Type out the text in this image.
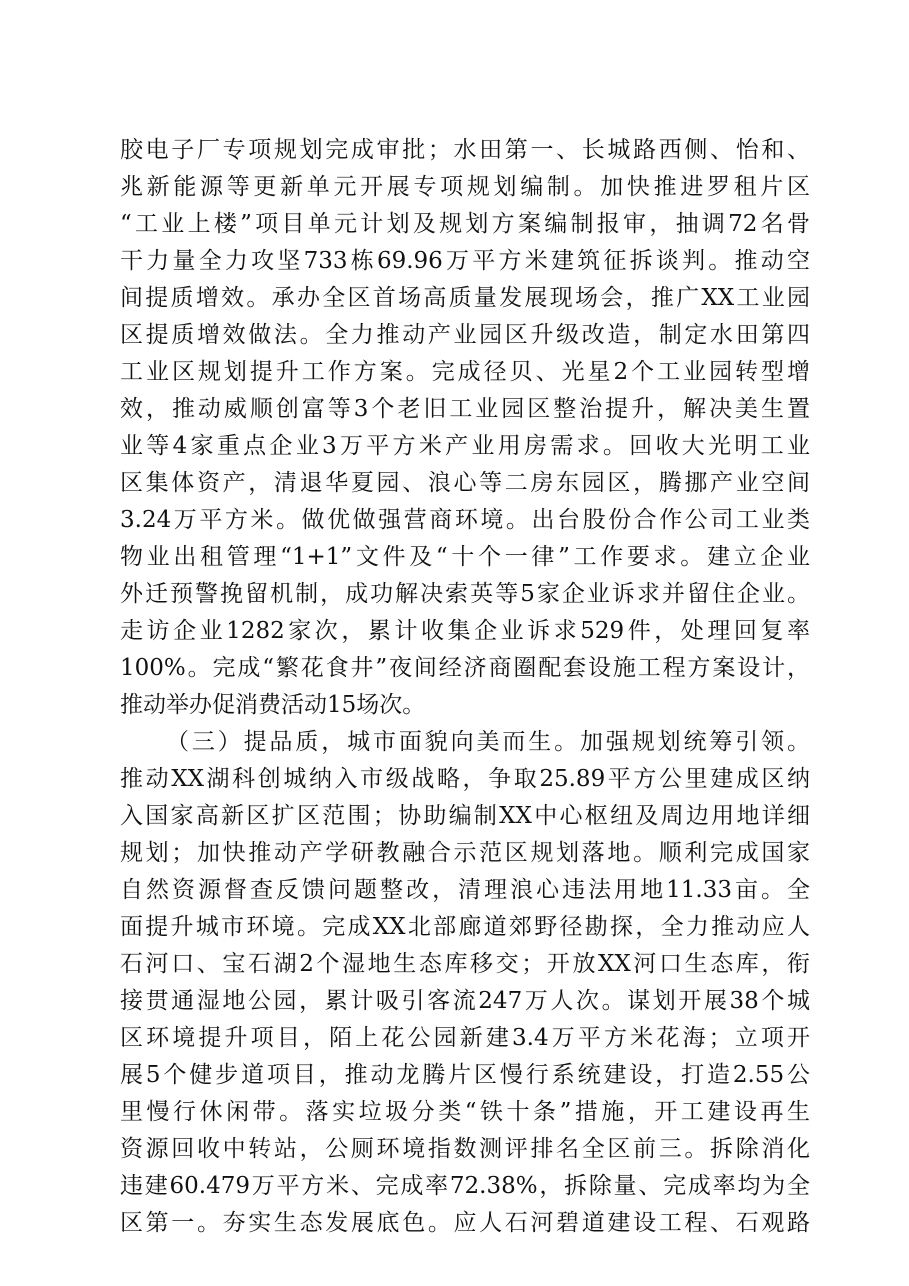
胶电子厂专项规划完成审批；水田第一、长城路西侧、怡和、
兆新能源等更新单元开展专项规划编制。加快推进罗租片区
“工业上楼”项目单元计划及规划方案编制报审，抽调72名骨
干力量全力攻坚733栋69.96万平方米建筑征拆谈判。推动空
间提质增效。承办全区首场高质量发展现场会，推广XX工业园
区提质增效做法。全力推动产业园区升级改造，制定水田第四
工业区规划提升工作方案。完成径贝、光星2个工业园转型增
效，推动威顺创富等3个老旧工业园区整治提升，解决美生置
业等4家重点企业3万平方米产业用房需求。回收大光明工业
区集体资产，清退华夏园、浪心等二房东园区，腾挪产业空间
3.24万平方米。做优做强营商环境。出台股份合作公司工业类
物业出租管理“1+1”文件及“十个一律”工作要求。建立企业
外迁预警挽留机制，成功解决索英等5家企业诉求并留住企业。
走访企业1282家次，累计收集企业诉求529件，处理回复率
100%。完成“繁花食井”夜间经济商圈配套设施工程方案设计，
推动举办促消费活动15场次。
（三）提品质，城市面貌向美而生。加强规划统筹引领。
推动XX湖科创城纳入市级战略，争取25.89平方公里建成区纳
入国家高新区扩区范围；协助编制XX中心枢纽及周边用地详细
规划；加快推动产学研教融合示范区规划落地。顺利完成国家
自然资源督查反馈问题整改，清理浪心违法用地11.33亩。全
面提升城市环境。完成XX北部廊道郊野径勘探，全力推动应人
石河口、宝石湖2个湿地生态库移交；开放XX河口生态库，衔
接贯通湿地公园，累计吸引客流247万人次。谋划开展38个城
区环境提升项目，陌上花公园新建3.4万平方米花海；立项开
展5个健步道项目，推动龙腾片区慢行系统建设，打造2.55公
里慢行休闲带。落实垃圾分类“铁十条”措施，开工建设再生
资源回收中转站，公厕环境指数测评排名全区前三。拆除消化
违建60.479万平方米、完成率72.38%，拆除量、完成率均为全
区第一。夯实生态发展底色。应人石河碧道建设工程、石观路
